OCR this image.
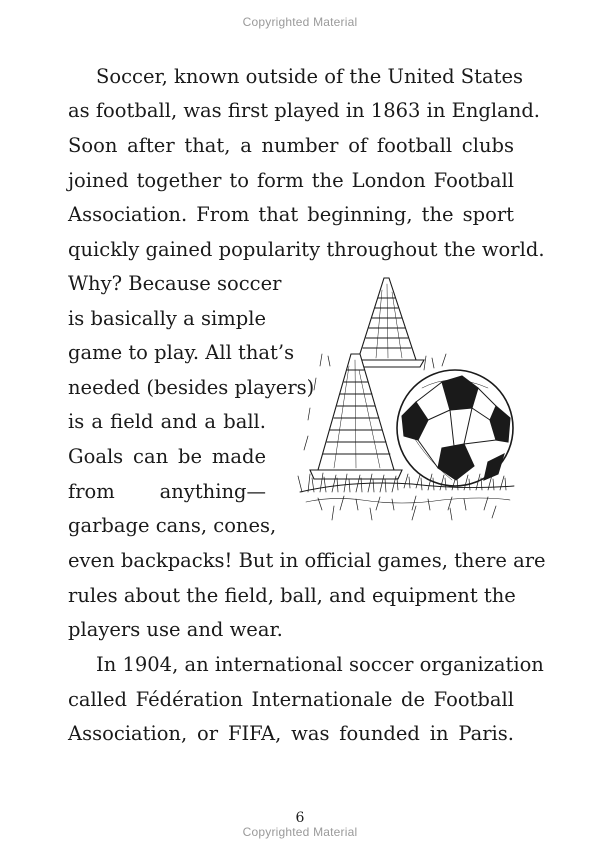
Copyrighted Material
Soccer, known outside of the United States
as football, was first played in 1863 in England.
Soon after that, a number of football clubs
joined together to form the London Football
Association. From that beginning, the sport
quickly gained popularity throughout the world.
Why? Because soccer
is basically a simple
game to play. All that’s
needed (besides players)
is a field and a ball.
Goals can be made
from anything—
garbage cans, cones,
even backpacks! But in official games, there are
rules about the field, ball, and equipment the
players use and wear.
In 1904, an international soccer organization
called Fédération Internationale de Football
Association, or FIFA, was founded in Paris.
6
Copyrighted Material
